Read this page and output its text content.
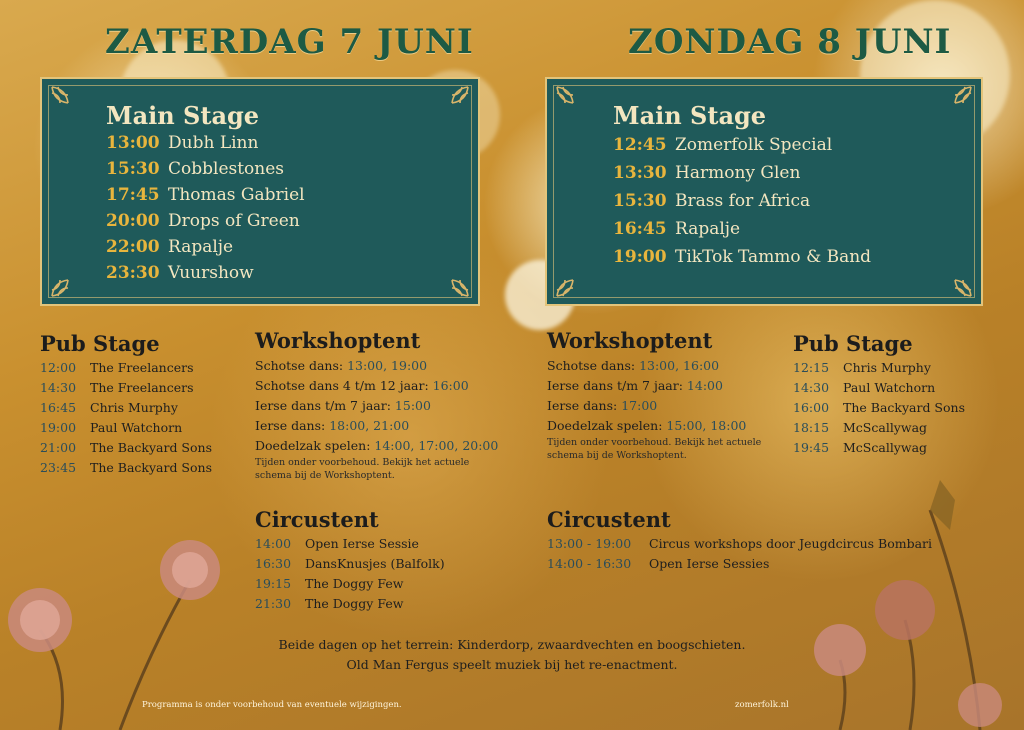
ZATERDAG 7 JUNI	ZONDAG 8 JUNI
Main Stage
13:00 Dubh Linn
15:30 Cobblestones
17:45 Thomas Gabriel
20:00 Drops of Green
22:00 Rapalje
23:30 Vuurshow
Main Stage
12:45 Zomerfolk Special
13:30 Harmony Glen
15:30 Brass for Africa
16:45 Rapalje
19:00 TikTok Tammo & Band
Pub Stage
12:00 The Freelancers
14:30 The Freelancers
16:45 Chris Murphy
19:00 Paul Watchorn
21:00 The Backyard Sons
23:45 The Backyard Sons
Workshoptent
Schotse dans: 13:00, 19:00
Schotse dans 4 t/m 12 jaar: 16:00
Ierse dans t/m 7 jaar: 15:00
Ierse dans: 18:00, 21:00
Doedelzak spelen: 14:00, 17:00, 20:00
Tijden onder voorbehoud. Bekijk het actuele
schema bij de Workshoptent.
Circustent
14:00 Open Ierse Sessie
16:30 DansKnusjes (Balfolk)
19:15 The Doggy Few
21:30 The Doggy Few
Workshoptent
Schotse dans: 13:00, 16:00
Ierse dans t/m 7 jaar: 14:00
Ierse dans: 17:00
Doedelzak spelen: 15:00, 18:00
Tijden onder voorbehoud. Bekijk het actuele
schema bij de Workshoptent.
Pub Stage
12:15 Chris Murphy
14:30 Paul Watchorn
16:00 The Backyard Sons
18:15 McScallywag
19:45 McScallywag
Circustent
13:00 - 19:00 Circus workshops door Jeugdcircus Bombari
14:00 - 16:30 Open Ierse Sessies
Beide dagen op het terrein: Kinderdorp, zwaardvechten en boogschieten.
Old Man Fergus speelt muziek bij het re-enactment.
Programma is onder voorbehoud van eventuele wijzigingen.	zomerfolk.nl
